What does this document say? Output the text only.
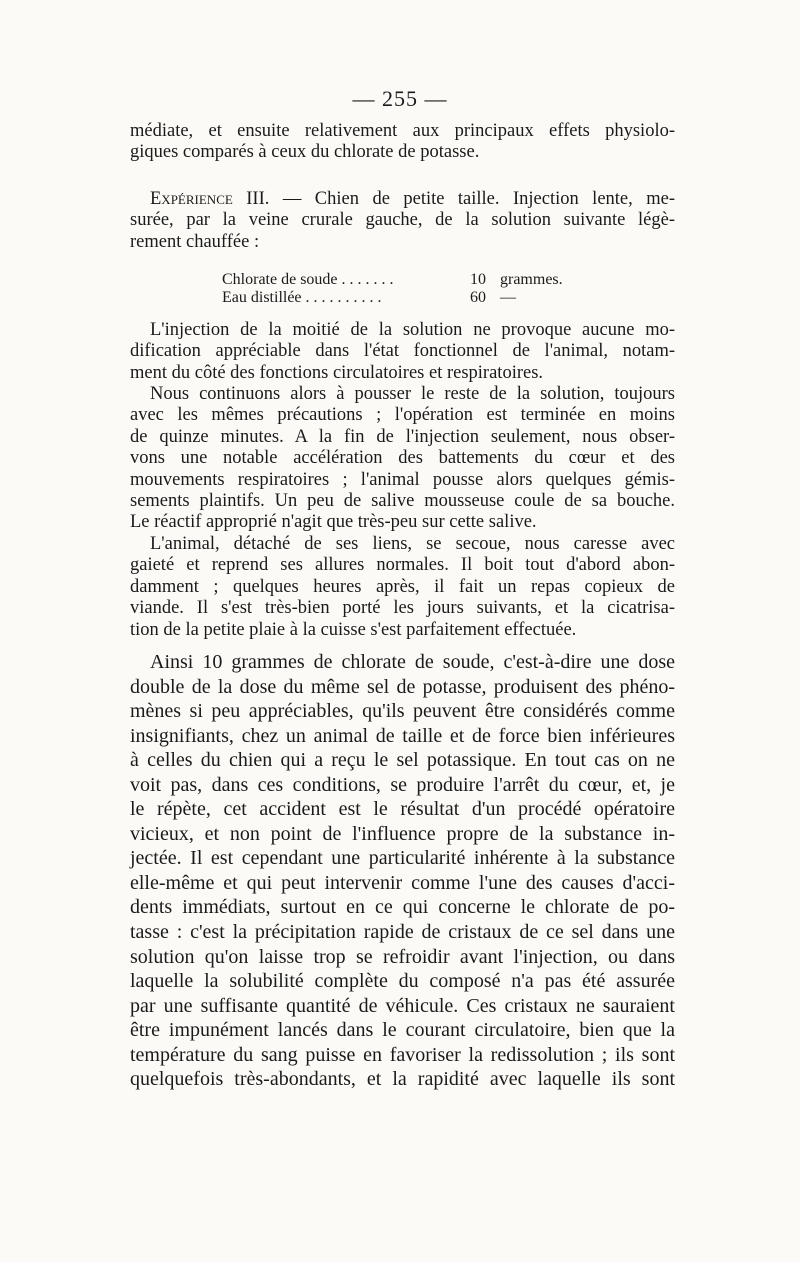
— 255 —
médiate, et ensuite relativement aux principaux effets physiolo-
giques comparés à ceux du chlorate de potasse.
Expérience III. — Chien de petite taille. Injection lente, me-
surée, par la veine crurale gauche, de la solution suivante légè-
rement chauffée :
Chlorate de soude . . . . . . .	10 grammes.
Eau distillée . . . . . . . . . .	60 —
L'injection de la moitié de la solution ne provoque aucune mo-
dification appréciable dans l'état fonctionnel de l'animal, notam-
ment du côté des fonctions circulatoires et respiratoires.
Nous continuons alors à pousser le reste de la solution, toujours
avec les mêmes précautions ; l'opération est terminée en moins
de quinze minutes. A la fin de l'injection seulement, nous obser-
vons une notable accélération des battements du cœur et des
mouvements respiratoires ; l'animal pousse alors quelques gémis-
sements plaintifs. Un peu de salive mousseuse coule de sa bouche.
Le réactif approprié n'agit que très-peu sur cette salive.
L'animal, détaché de ses liens, se secoue, nous caresse avec
gaieté et reprend ses allures normales. Il boit tout d'abord abon-
damment ; quelques heures après, il fait un repas copieux de
viande. Il s'est très-bien porté les jours suivants, et la cicatrisa-
tion de la petite plaie à la cuisse s'est parfaitement effectuée.
Ainsi 10 grammes de chlorate de soude, c'est-à-dire une dose
double de la dose du même sel de potasse, produisent des phéno-
mènes si peu appréciables, qu'ils peuvent être considérés comme
insignifiants, chez un animal de taille et de force bien inférieures
à celles du chien qui a reçu le sel potassique. En tout cas on ne
voit pas, dans ces conditions, se produire l'arrêt du cœur, et, je
le répète, cet accident est le résultat d'un procédé opératoire
vicieux, et non point de l'influence propre de la substance in-
jectée. Il est cependant une particularité inhérente à la substance
elle-même et qui peut intervenir comme l'une des causes d'acci-
dents immédiats, surtout en ce qui concerne le chlorate de po-
tasse : c'est la précipitation rapide de cristaux de ce sel dans une
solution qu'on laisse trop se refroidir avant l'injection, ou dans
laquelle la solubilité complète du composé n'a pas été assurée
par une suffisante quantité de véhicule. Ces cristaux ne sauraient
être impunément lancés dans le courant circulatoire, bien que la
température du sang puisse en favoriser la redissolution ; ils sont
quelquefois très-abondants, et la rapidité avec laquelle ils sont
